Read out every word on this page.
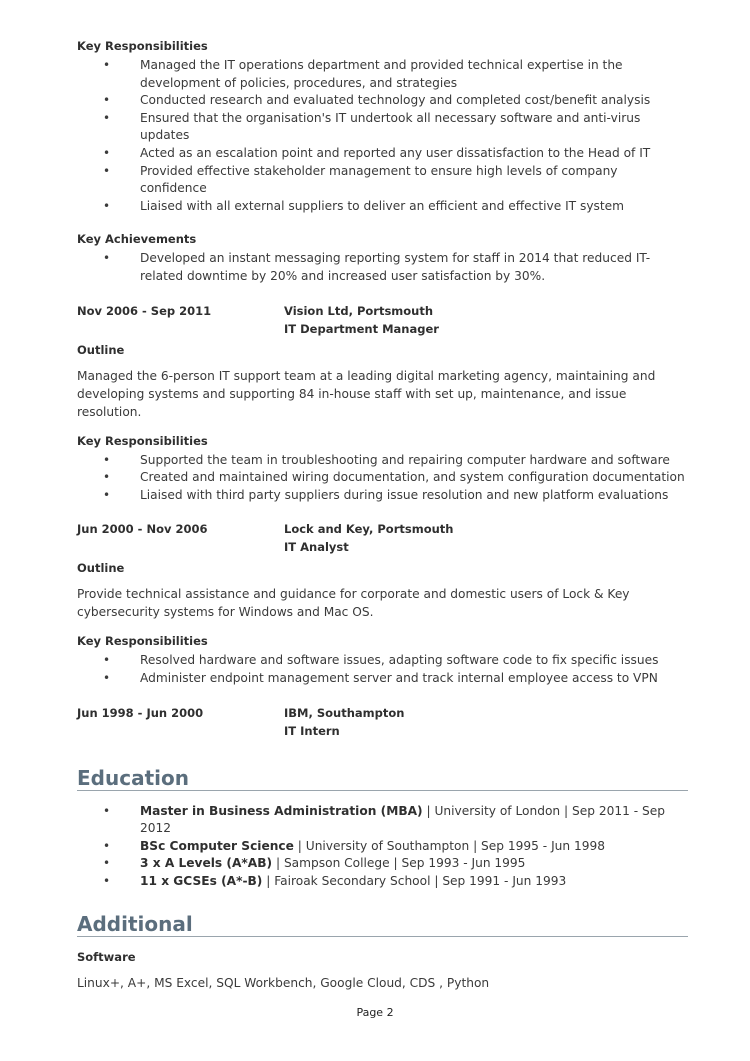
Key Responsibilities
• Managed the IT operations department and provided technical expertise in the development of policies, procedures, and strategies
• Conducted research and evaluated technology and completed cost/benefit analysis
• Ensured that the organisation's IT undertook all necessary software and anti-virus updates
• Acted as an escalation point and reported any user dissatisfaction to the Head of IT
• Provided effective stakeholder management to ensure high levels of company confidence
• Liaised with all external suppliers to deliver an efficient and effective IT system
Key Achievements
• Developed an instant messaging reporting system for staff in 2014 that reduced IT-related downtime by 20% and increased user satisfaction by 30%.
Nov 2006 - Sep 2011	Vision Ltd, Portsmouth
IT Department Manager
Outline
Managed the 6-person IT support team at a leading digital marketing agency, maintaining and developing systems and supporting 84 in-house staff with set up, maintenance, and issue resolution.
Key Responsibilities
• Supported the team in troubleshooting and repairing computer hardware and software
• Created and maintained wiring documentation, and system configuration documentation
• Liaised with third party suppliers during issue resolution and new platform evaluations
Jun 2000 - Nov 2006	Lock and Key, Portsmouth
IT Analyst
Outline
Provide technical assistance and guidance for corporate and domestic users of Lock & Key cybersecurity systems for Windows and Mac OS.
Key Responsibilities
• Resolved hardware and software issues, adapting software code to fix specific issues
• Administer endpoint management server and track internal employee access to VPN
Jun 1998 - Jun 2000	IBM, Southampton
IT Intern
Education
• Master in Business Administration (MBA) | University of London | Sep 2011 - Sep 2012
• BSc Computer Science | University of Southampton | Sep 1995 - Jun 1998
• 3 x A Levels (A*AB) | Sampson College | Sep 1993 - Jun 1995
• 11 x GCSEs (A*-B) | Fairoak Secondary School | Sep 1991 - Jun 1993
Additional
Software
Linux+, A+, MS Excel, SQL Workbench, Google Cloud, CDS , Python
Page 2
